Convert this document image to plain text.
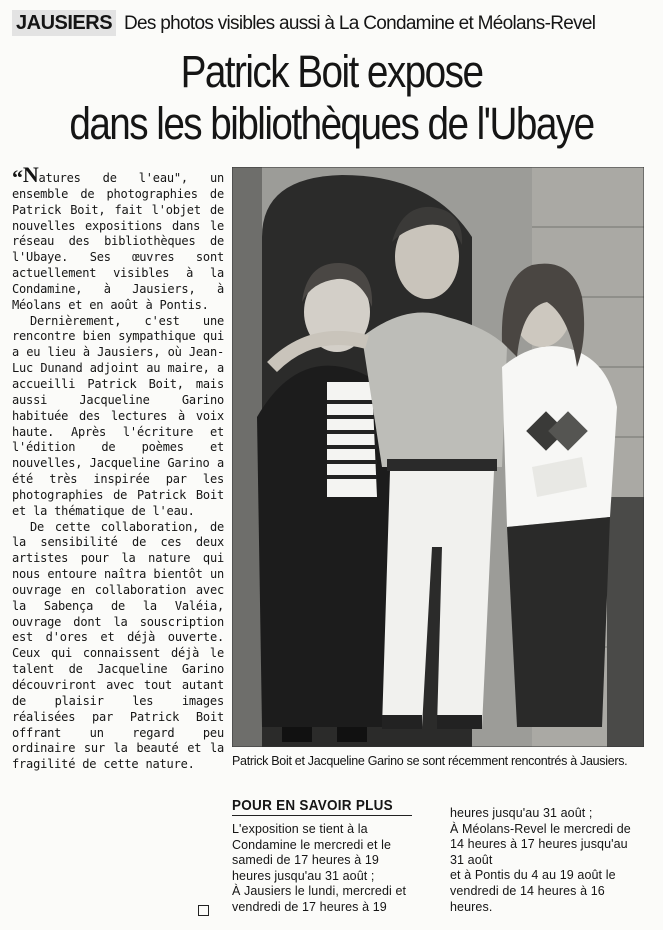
JAUSIERS Des photos visibles aussi à La Condamine et Méolans-Revel
Patrick Boit expose
dans les bibliothèques de l'Ubaye

“Natures de l'eau", un ensemble de photographies de Patrick Boit, fait l'objet de nouvelles expositions dans le réseau des bibliothèques de l'Ubaye. Ses œuvres sont actuellement visibles à la Condamine, à Jausiers, à Méolans et en août à Pontis.

Dernièrement, c'est une rencontre bien sympathique qui a eu lieu à Jausiers, où Jean-Luc Dunand adjoint au maire, a accueilli Patrick Boit, mais aussi Jacqueline Garino habituée des lectures à voix haute. Après l'écriture et l'édition de poèmes et nouvelles, Jacqueline Garino a été très inspirée par les photographies de Patrick Boit et la thématique de l'eau.

De cette collaboration, de la sensibilité de ces deux artistes pour la nature qui nous entoure naîtra bientôt un ouvrage en collaboration avec la Sabença de la Valéia, ouvrage dont la souscription est d'ores et déjà ouverte. Ceux qui connaissent déjà le talent de Jacqueline Garino découvriront avec tout autant de plaisir les images réalisées par Patrick Boit offrant un regard peu ordinaire sur la beauté et la fragilité de cette nature.	Patrick Boit et Jacqueline Garino se sont récemment rencontrés à Jausiers.
POUR EN SAVOIR PLUS
L'exposition se tient à la
Condamine le mercredi et le
samedi de 17 heures à 19
heures jusqu'au 31 août ;
À Jausiers le lundi, mercredi et
vendredi de 17 heures à 19
heures jusqu'au 31 août ;
À Méolans-Revel le mercredi de
14 heures à 17 heures jusqu'au
31 août
et à Pontis du 4 au 19 août le
vendredi de 14 heures à 16
heures.
